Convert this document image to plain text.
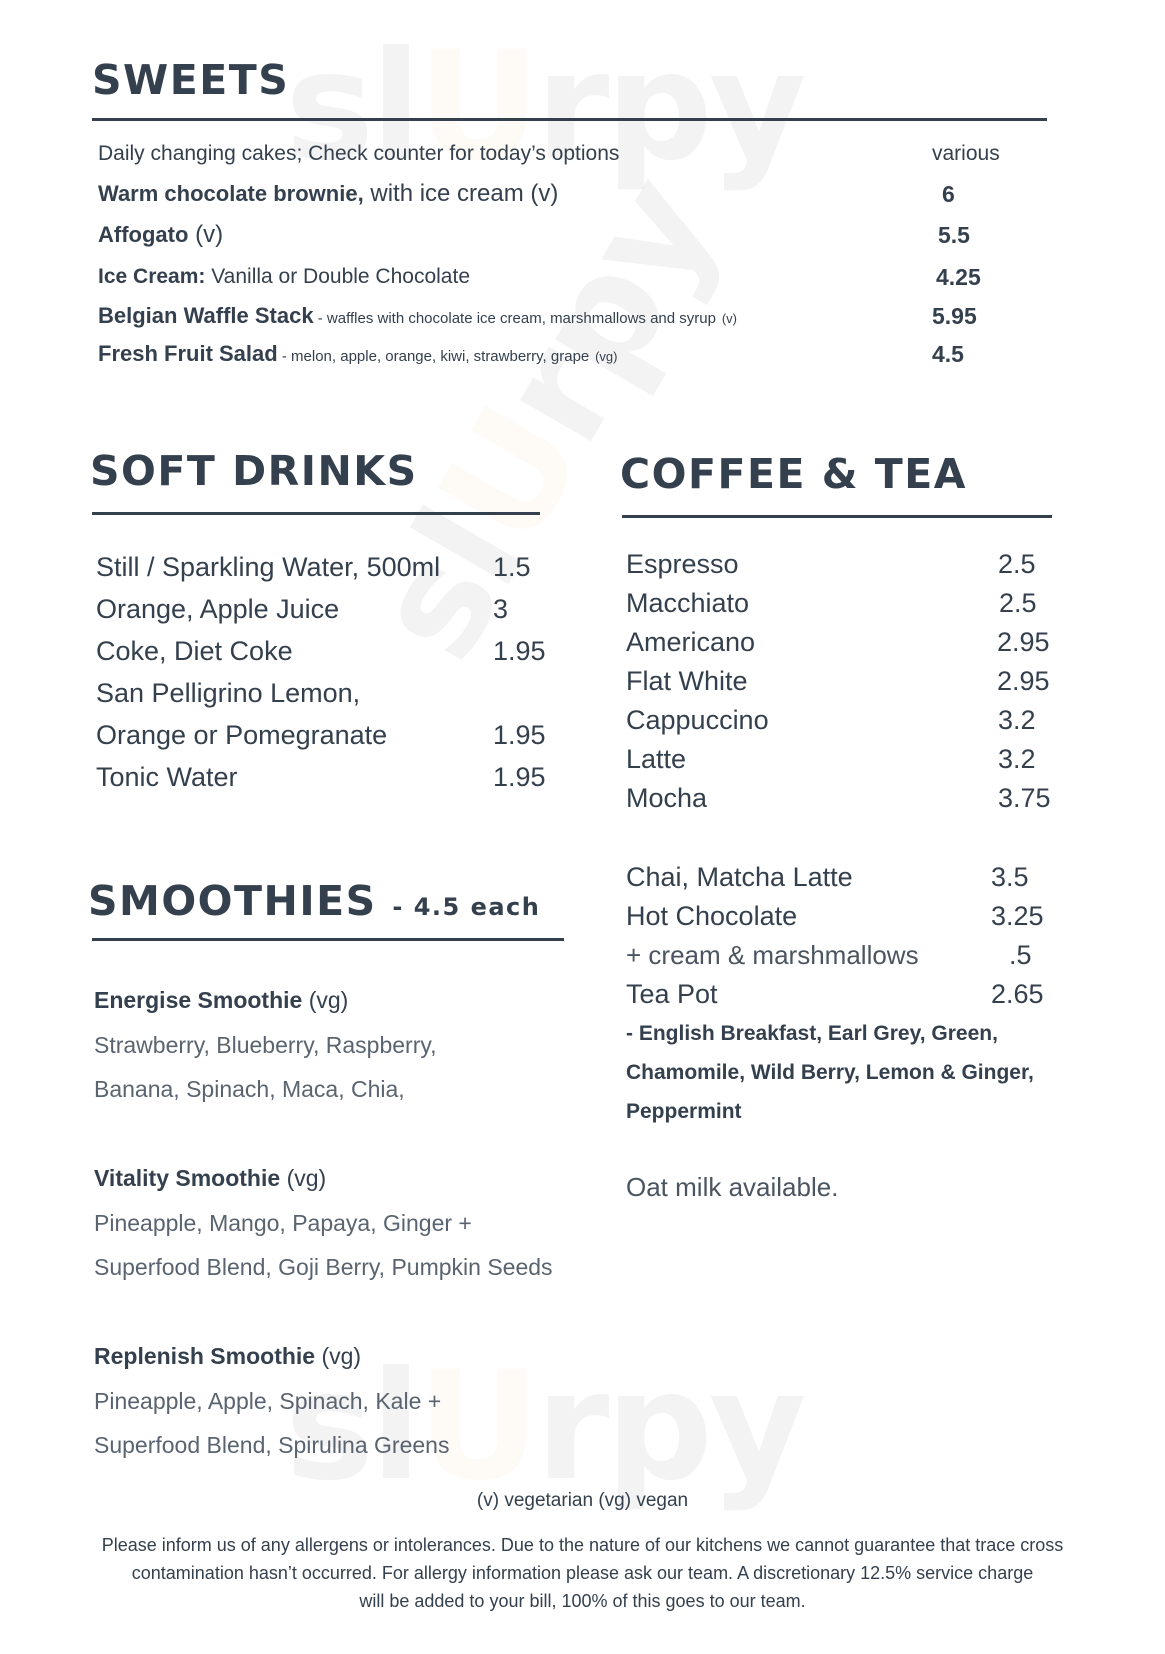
SWEETS
Daily changing cakes; Check counter for today’s options	various
Warm chocolate brownie, with ice cream (v)	6
Affogato (v)	5.5
Ice Cream: Vanilla or Double Chocolate	4.25
Belgian Waffle Stack - waffles with chocolate ice cream, marshmallows and syrup (v)	5.95
Fresh Fruit Salad - melon, apple, orange, kiwi, strawberry, grape (vg)	4.5
SOFT DRINKS
Still / Sparkling Water, 500ml 1.5
Orange, Apple Juice	3
Coke, Diet Coke	1.95
San Pelligrino Lemon,
Orange or Pomegranate	1.95
Tonic Water	1.95
SMOOTHIES - 4.5 each
Energise Smoothie (vg)
Strawberry, Blueberry, Raspberry,
Banana, Spinach, Maca, Chia,
Vitality Smoothie (vg)
Pineapple, Mango, Papaya, Ginger +
Superfood Blend, Goji Berry, Pumpkin Seeds
Replenish Smoothie (vg)
Pineapple, Apple, Spinach, Kale +
Superfood Blend, Spirulina Greens
COFFEE & TEA
Espresso	2.5
Macchiato	2.5
Americano	2.95
Flat White	2.95
Cappuccino	3.2
Latte	3.2
Mocha	3.75
Chai, Matcha Latte	3.5
Hot Chocolate	3.25
+ cream & marshmallows	.5
Tea Pot	2.65
- English Breakfast, Earl Grey, Green,
Chamomile, Wild Berry, Lemon & Ginger,
Peppermint
Oat milk available.
(v) vegetarian (vg) vegan
Please inform us of any allergens or intolerances. Due to the nature of our kitchens we cannot guarantee that trace cross
contamination hasn’t occurred. For allergy information please ask our team. A discretionary 12.5% service charge
will be added to your bill, 100% of this goes to our team.
